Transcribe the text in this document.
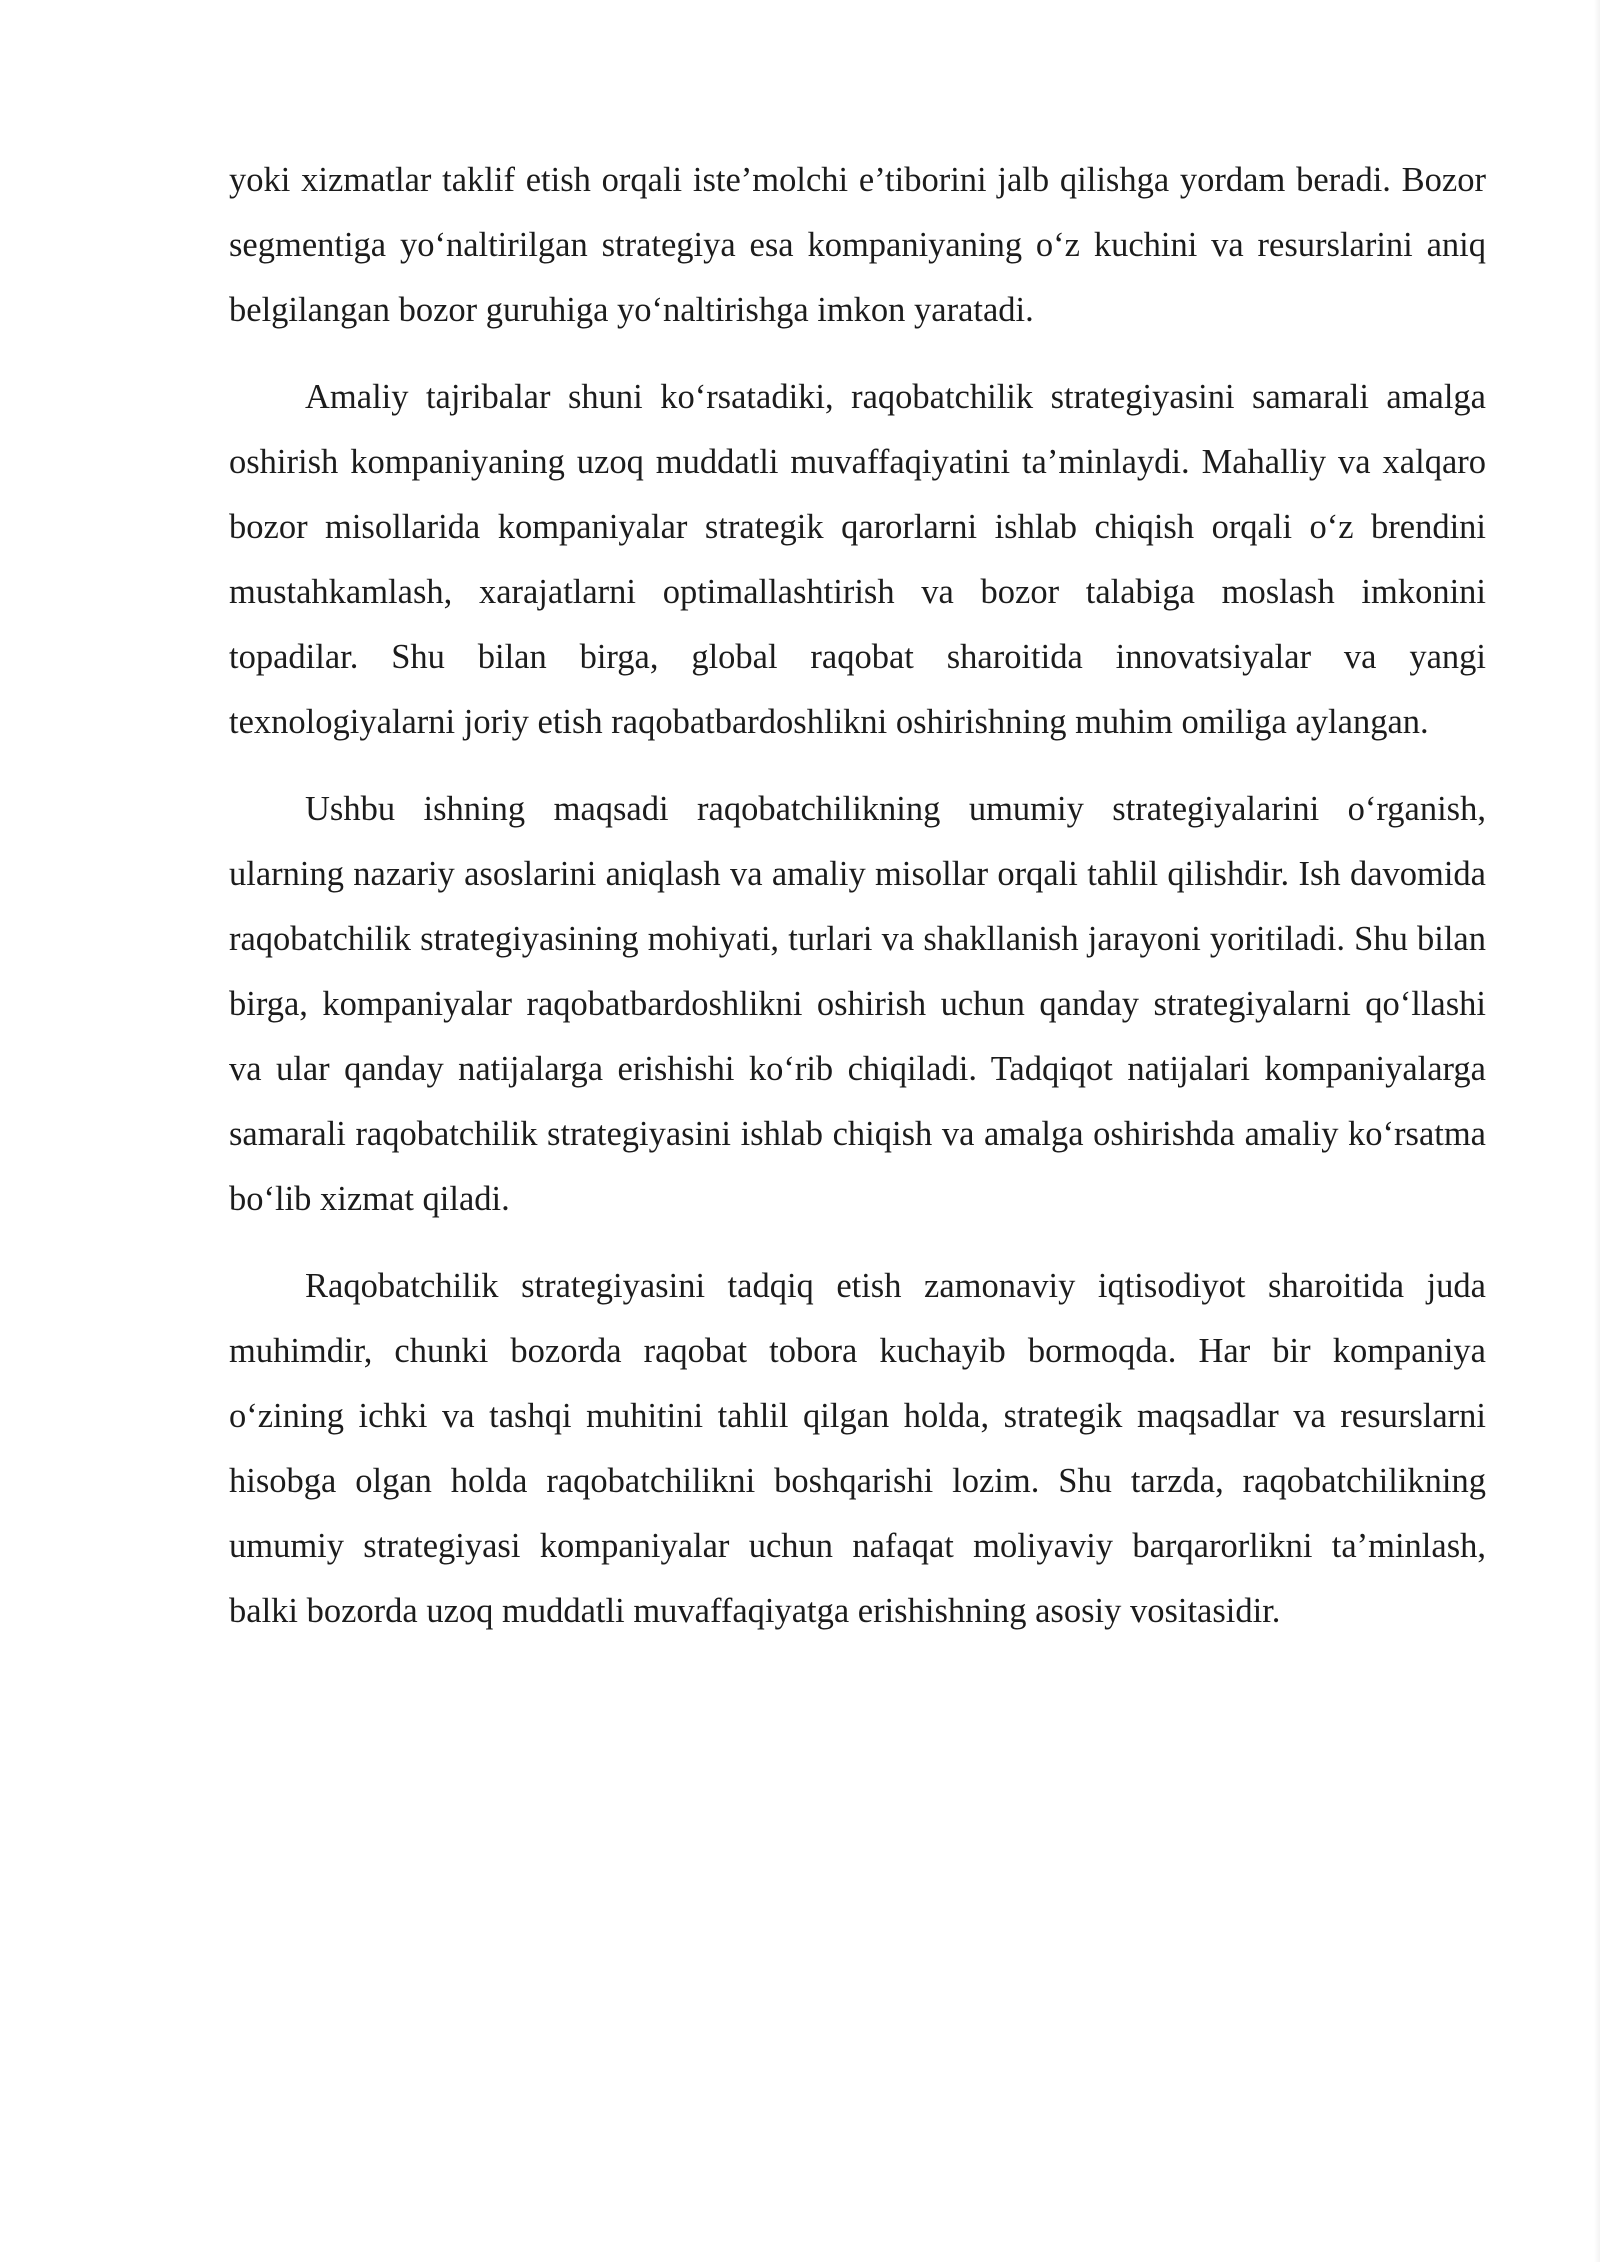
yoki xizmatlar taklif etish orqali iste’molchi e’tiborini jalb qilishga yordam beradi. Bozor segmentiga yo‘naltirilgan strategiya esa kompaniyaning o‘z kuchini va resurslarini aniq belgilangan bozor guruhiga yo‘naltirishga imkon yaratadi.

Amaliy tajribalar shuni ko‘rsatadiki, raqobatchilik strategiyasini samarali amalga oshirish kompaniyaning uzoq muddatli muvaffaqiyatini ta’minlaydi. Mahalliy va xalqaro bozor misollarida kompaniyalar strategik qarorlarni ishlab chiqish orqali o‘z brendini mustahkamlash, xarajatlarni optimallashtirish va bozor talabiga moslash imkonini topadilar. Shu bilan birga, global raqobat sharoitida innovatsiyalar va yangi texnologiyalarni joriy etish raqobatbardoshlikni oshirishning muhim omiliga aylangan.

Ushbu ishning maqsadi raqobatchilikning umumiy strategiyalarini o‘rganish, ularning nazariy asoslarini aniqlash va amaliy misollar orqali tahlil qilishdir. Ish davomida raqobatchilik strategiyasining mohiyati, turlari va shakllanish jarayoni yoritiladi. Shu bilan birga, kompaniyalar raqobatbardoshlikni oshirish uchun qanday strategiyalarni qo‘llashi va ular qanday natijalarga erishishi ko‘rib chiqiladi. Tadqiqot natijalari kompaniyalarga samarali raqobatchilik strategiyasini ishlab chiqish va amalga oshirishda amaliy ko‘rsatma bo‘lib xizmat qiladi.

Raqobatchilik strategiyasini tadqiq etish zamonaviy iqtisodiyot sharoitida juda muhimdir, chunki bozorda raqobat tobora kuchayib bormoqda. Har bir kompaniya o‘zining ichki va tashqi muhitini tahlil qilgan holda, strategik maqsadlar va resurslarni hisobga olgan holda raqobatchilikni boshqarishi lozim. Shu tarzda, raqobatchilikning umumiy strategiyasi kompaniyalar uchun nafaqat moliyaviy barqarorlikni ta’minlash, balki bozorda uzoq muddatli muvaffaqiyatga erishishning asosiy vositasidir.
